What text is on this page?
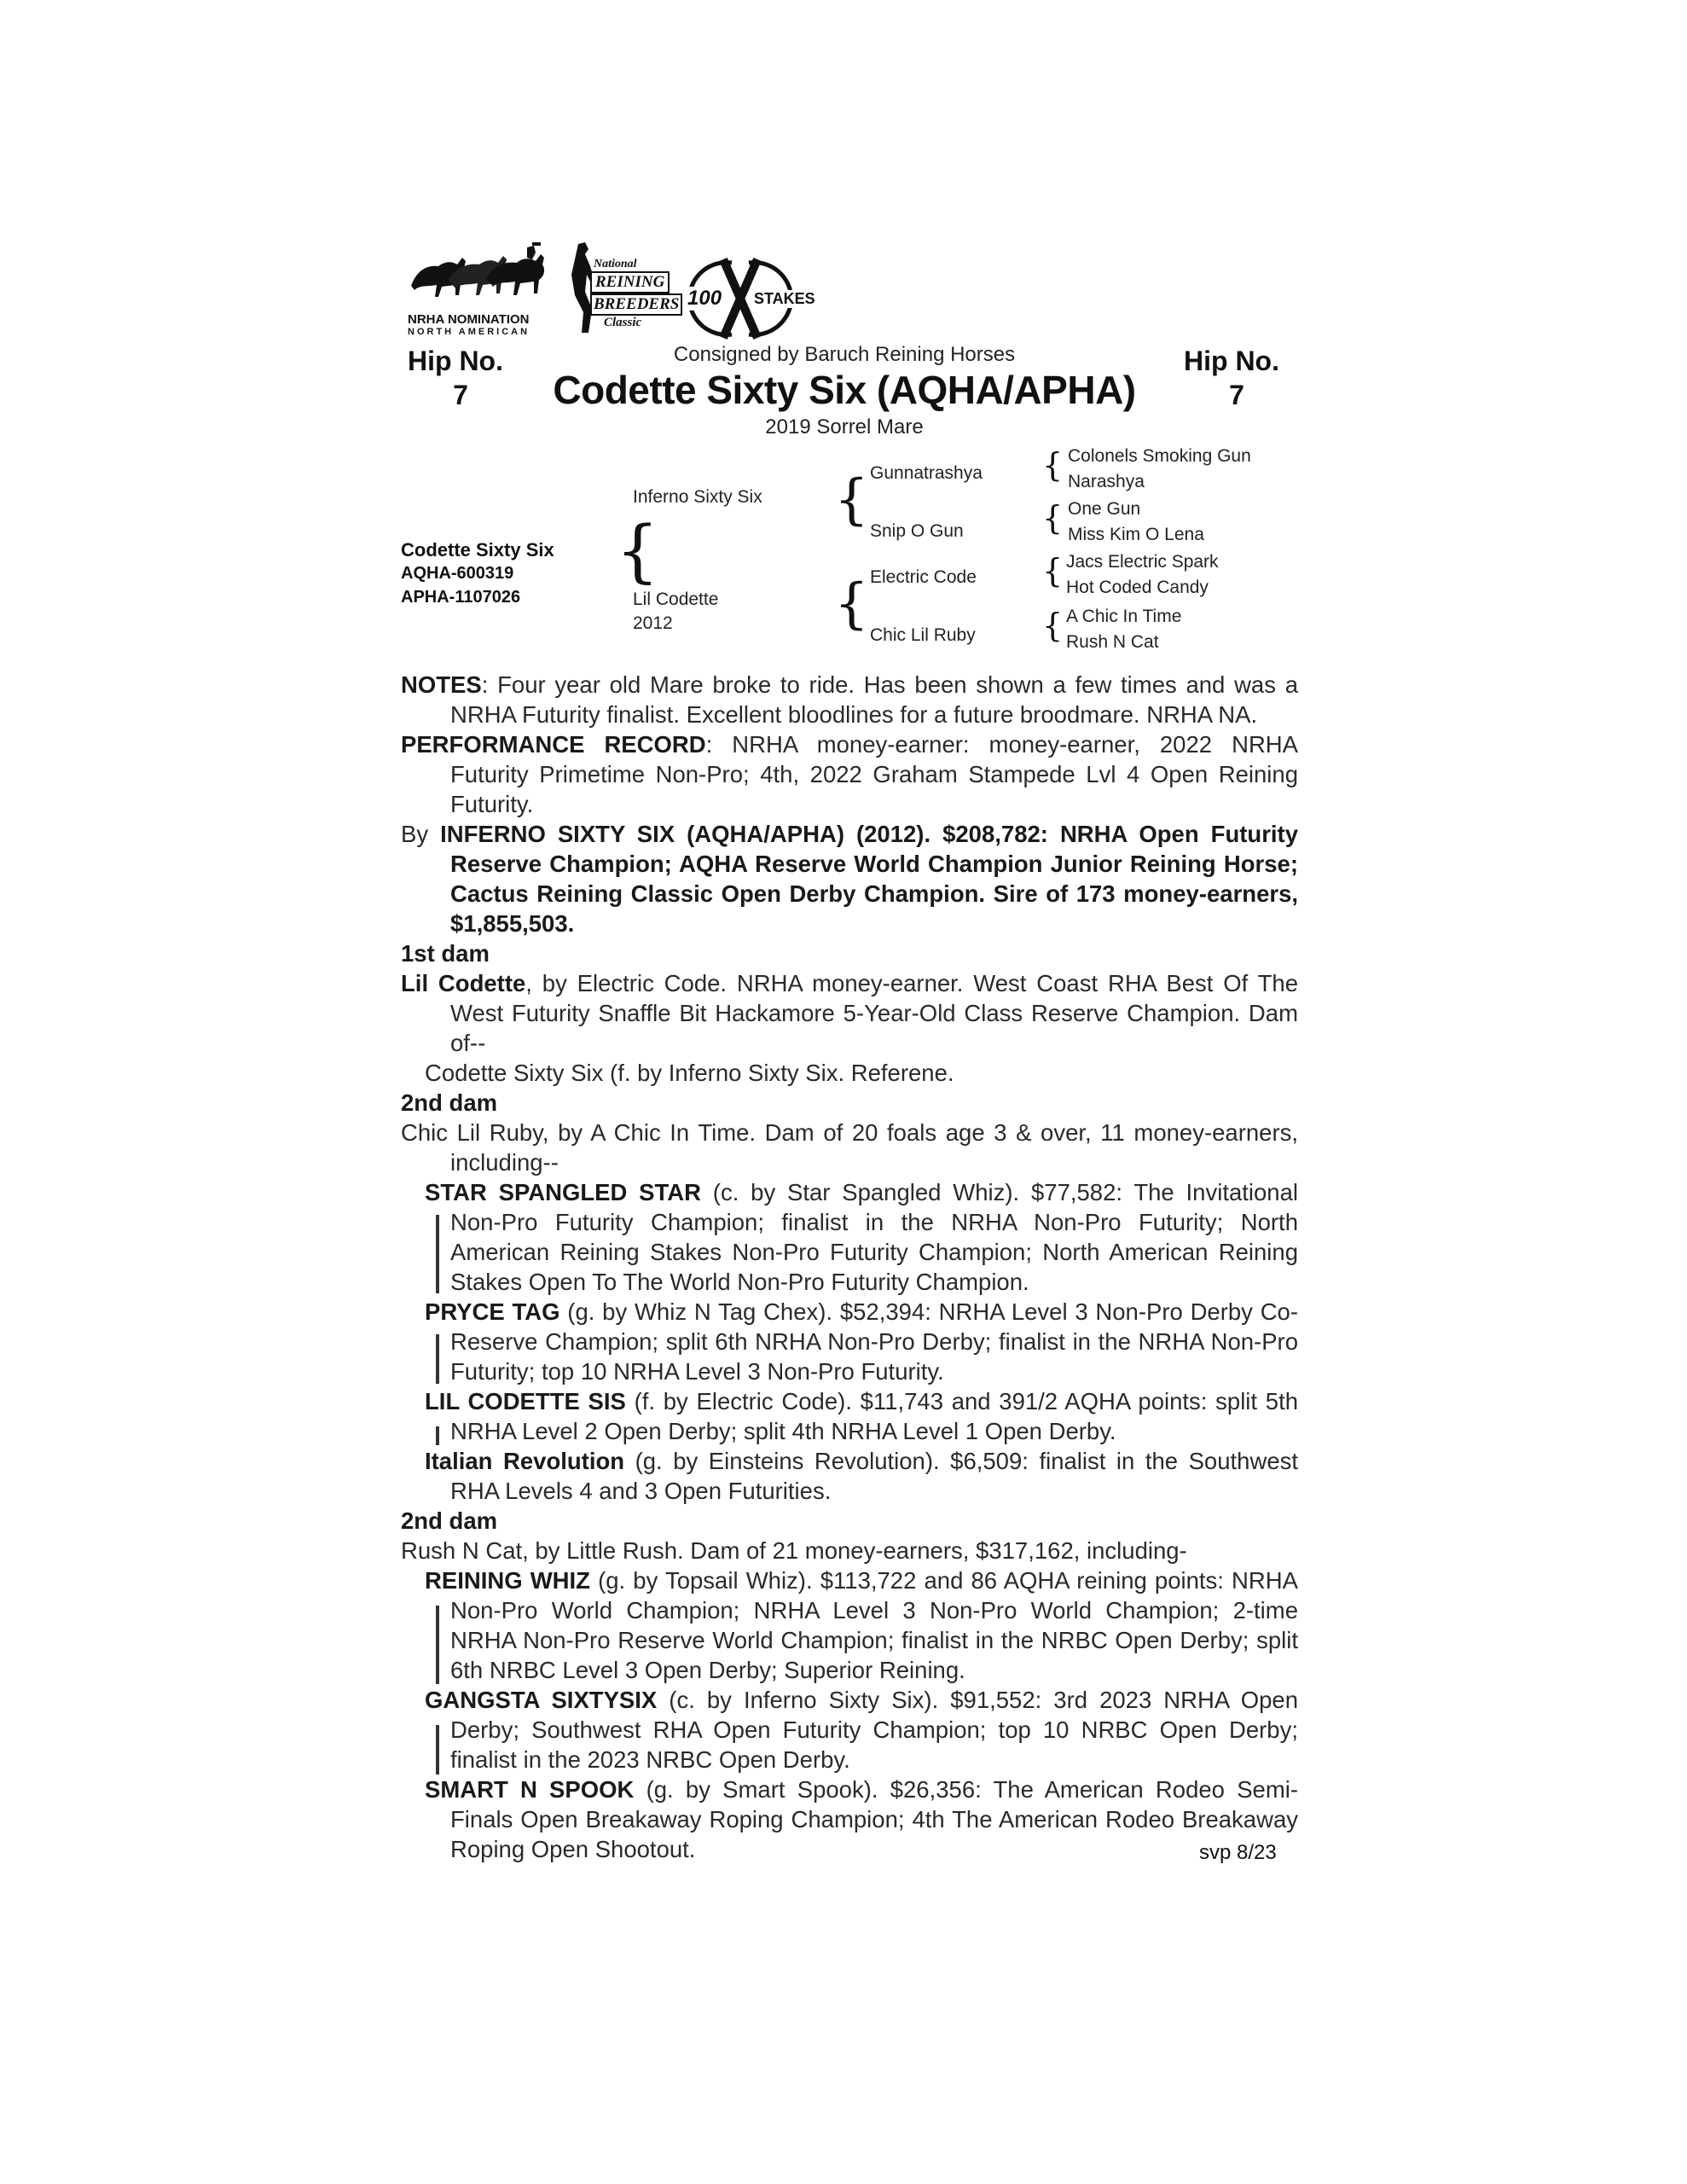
NRHA NOMINATION
NORTH AMERICAN
National
REINING
BREEDERS
Classic
100 STAKES
Hip No.
7
Hip No.
7
Consigned by Baruch Reining Horses
Codette Sixty Six (AQHA/APHA)
2019 Sorrel Mare
Codette Sixty Six
AQHA-600319
APHA-1107026
{
Inferno Sixty Six
Lil Codette
2012
{ Gunnatrashya
Snip O Gun
{ Electric Code
Chic Lil Ruby
{ Colonels Smoking Gun
Narashya
{ One Gun
Miss Kim O Lena
{ Jacs Electric Spark
Hot Coded Candy
{ A Chic In Time
Rush N Cat

NOTES: Four year old Mare broke to ride. Has been shown a few times and was a NRHA Futurity finalist. Excellent bloodlines for a future broodmare. NRHA NA.

PERFORMANCE RECORD: NRHA money-earner: money-earner, 2022 NRHA Futurity Primetime Non-Pro; 4th, 2022 Graham Stampede Lvl 4 Open Reining Futurity.

By INFERNO SIXTY SIX (AQHA/APHA) (2012). $208,782: NRHA Open Futurity Reserve Champion; AQHA Reserve World Champion Junior Reining Horse; Cactus Reining Classic Open Derby Champion. Sire of 173 money-earners, $1,855,503.

1st dam

Lil Codette, by Electric Code. NRHA money-earner. West Coast RHA Best Of The West Futurity Snaffle Bit Hackamore 5-Year-Old Class Reserve Champion. Dam of--

Codette Sixty Six (f. by Inferno Sixty Six. Referene.

2nd dam

Chic Lil Ruby, by A Chic In Time. Dam of 20 foals age 3 & over, 11 money-earners, including--

STAR SPANGLED STAR (c. by Star Spangled Whiz). $77,582: The Invitational Non-Pro Futurity Champion; finalist in the NRHA Non-Pro Futurity; North American Reining Stakes Non-Pro Futurity Champion; North American Reining Stakes Open To The World Non-Pro Futurity Champion.

PRYCE TAG (g. by Whiz N Tag Chex). $52,394: NRHA Level 3 Non-Pro Derby Co-Reserve Champion; split 6th NRHA Non-Pro Derby; finalist in the NRHA Non-Pro Futurity; top 10 NRHA Level 3 Non-Pro Futurity.

LIL CODETTE SIS (f. by Electric Code). $11,743 and 391/2 AQHA points: split 5th NRHA Level 2 Open Derby; split 4th NRHA Level 1 Open Derby.

Italian Revolution (g. by Einsteins Revolution). $6,509: finalist in the Southwest RHA Levels 4 and 3 Open Futurities.

2nd dam

Rush N Cat, by Little Rush. Dam of 21 money-earners, $317,162, including-

REINING WHIZ (g. by Topsail Whiz). $113,722 and 86 AQHA reining points: NRHA Non-Pro World Champion; NRHA Level 3 Non-Pro World Champion; 2-time NRHA Non-Pro Reserve World Champion; finalist in the NRBC Open Derby; split 6th NRBC Level 3 Open Derby; Superior Reining.

GANGSTA SIXTYSIX (c. by Inferno Sixty Six). $91,552: 3rd 2023 NRHA Open Derby; Southwest RHA Open Futurity Champion; top 10 NRBC Open Derby; finalist in the 2023 NRBC Open Derby.

SMART N SPOOK (g. by Smart Spook). $26,356: The American Rodeo Semi-Finals Open Breakaway Roping Champion; 4th The American Rodeo Breakaway Roping Open Shootout.	svp 8/23
